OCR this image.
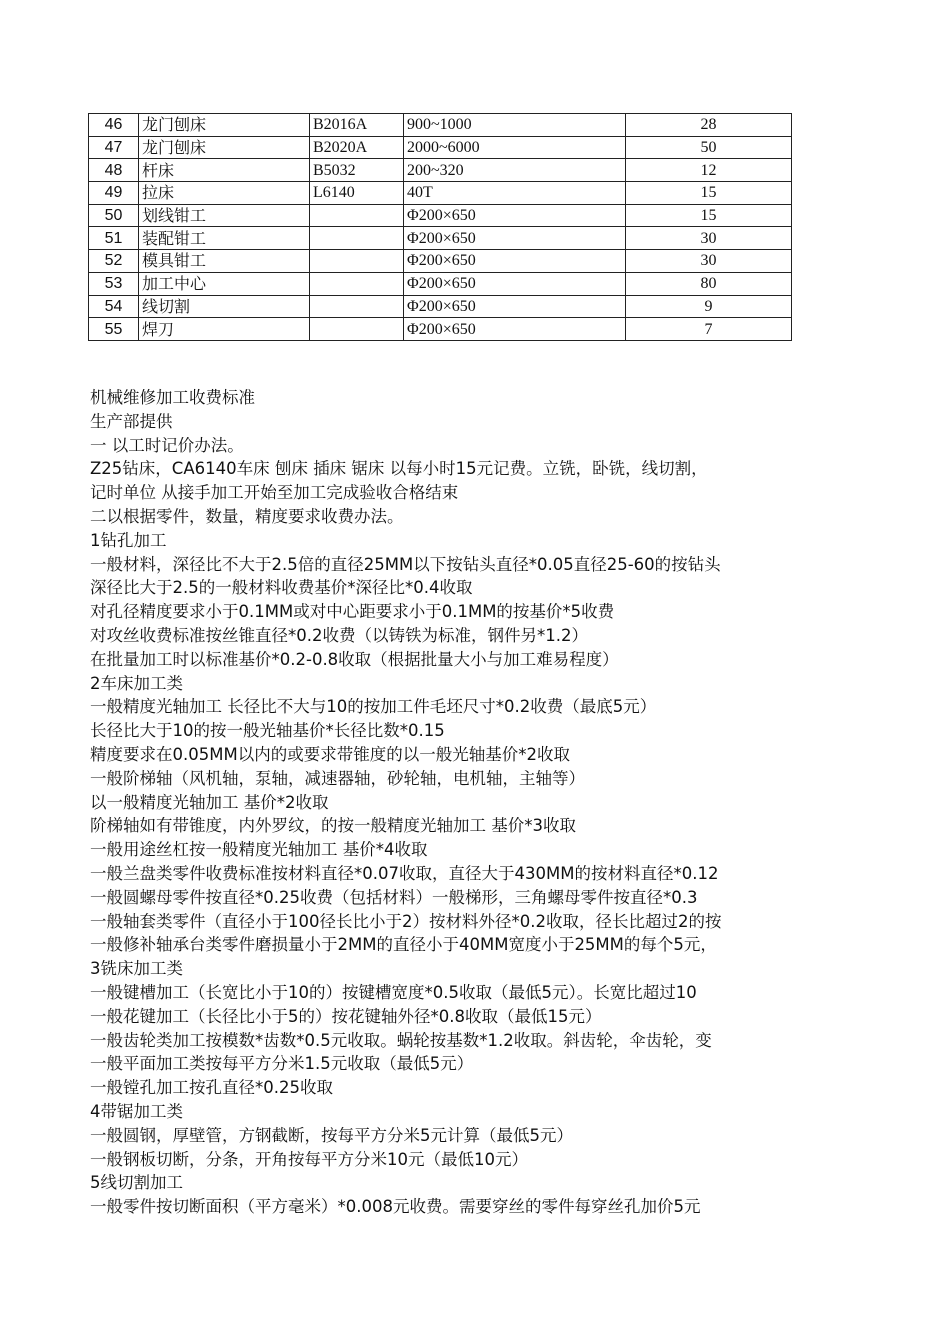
46	龙门刨床	B2016A	900~1000	28
47	龙门刨床	B2020A	2000~6000	50
48	杆床	B5032	200~320	12
49	拉床	L6140	40T	15
50	划线钳工		Φ200×650	15
51	装配钳工		Φ200×650	30
52	模具钳工		Φ200×650	30
53	加工中心		Φ200×650	80
54	线切割		Φ200×650	9
55	焊刀		Φ200×650	7

机械维修加工收费标准

生产部提供

一 以工时记价办法。

Z25钻床，CA6140车床 刨床 插床 锯床 以每小时15元记费。立铣，卧铣，线切割，

记时单位 从接手加工开始至加工完成验收合格结束

二以根据零件，数量，精度要求收费办法。

1钻孔加工

一般材料，深径比不大于2.5倍的直径25MM以下按钻头直径*0.05直径25-60的按钻头

深径比大于2.5的一般材料收费基价*深径比*0.4收取

对孔径精度要求小于0.1MM或对中心距要求小于0.1MM的按基价*5收费

对攻丝收费标准按丝锥直径*0.2收费（以铸铁为标准，钢件另*1.2）

在批量加工时以标准基价*0.2-0.8收取（根据批量大小与加工难易程度）

2车床加工类

一般精度光轴加工 长径比不大与10的按加工件毛坯尺寸*0.2收费（最底5元）

长径比大于10的按一般光轴基价*长径比数*0.15

精度要求在0.05MM以内的或要求带锥度的以一般光轴基价*2收取

一般阶梯轴（风机轴，泵轴，减速器轴，砂轮轴，电机轴，主轴等）

以一般精度光轴加工 基价*2收取

阶梯轴如有带锥度，内外罗纹，的按一般精度光轴加工 基价*3收取

一般用途丝杠按一般精度光轴加工 基价*4收取

一般兰盘类零件收费标准按材料直径*0.07收取，直径大于430MM的按材料直径*0.12

一般圆螺母零件按直径*0.25收费（包括材料）一般梯形，三角螺母零件按直径*0.3

一般轴套类零件（直径小于100径长比小于2）按材料外径*0.2收取，径长比超过2的按

一般修补轴承台类零件磨损量小于2MM的直径小于40MM宽度小于25MM的每个5元，

3铣床加工类

一般键槽加工（长宽比小于10的）按键槽宽度*0.5收取（最低5元）。长宽比超过10

一般花键加工（长径比小于5的）按花键轴外径*0.8收取（最低15元）

一般齿轮类加工按模数*齿数*0.5元收取。蜗轮按基数*1.2收取。斜齿轮，伞齿轮，变

一般平面加工类按每平方分米1.5元收取（最低5元）

一般镗孔加工按孔直径*0.25收取

4带锯加工类

一般圆钢，厚壁管，方钢截断，按每平方分米5元计算（最低5元）

一般钢板切断，分条，开角按每平方分米10元（最低10元）

5线切割加工

一般零件按切断面积（平方毫米）*0.008元收费。需要穿丝的零件每穿丝孔加价5元
